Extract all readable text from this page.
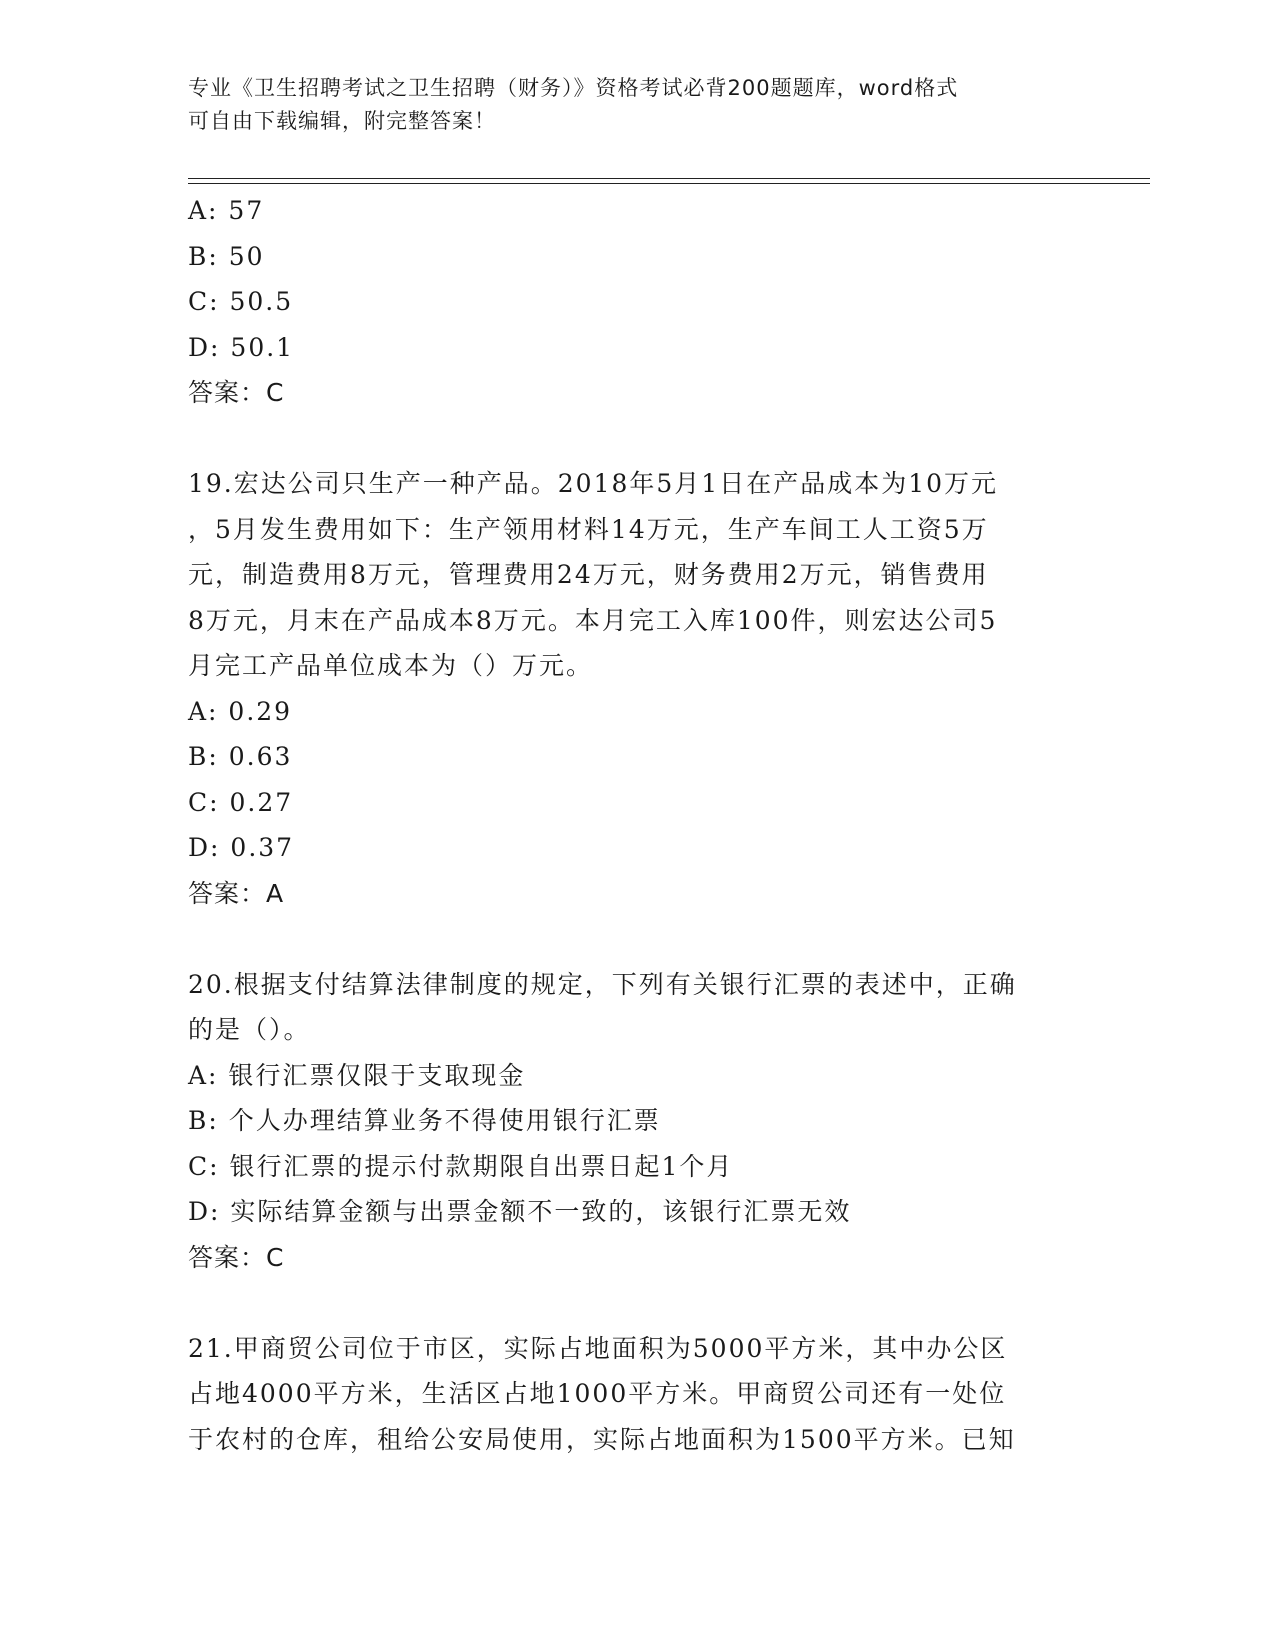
专业《卫生招聘考试之卫生招聘（财务）》资格考试必背200题题库，word格式
可自由下载编辑，附完整答案！
A: 57
B: 50
C: 50.5
D: 50.1
答案：C
19.宏达公司只生产一种产品。2018年5月1日在产品成本为10万元
，5月发生费用如下：生产领用材料14万元，生产车间工人工资5万
元，制造费用8万元，管理费用24万元，财务费用2万元，销售费用
8万元，月末在产品成本8万元。本月完工入库100件，则宏达公司5
月完工产品单位成本为（）万元。
A: 0.29
B: 0.63
C: 0.27
D: 0.37
答案：A
20.根据支付结算法律制度的规定，下列有关银行汇票的表述中，正确
的是（）。
A: 银行汇票仅限于支取现金
B: 个人办理结算业务不得使用银行汇票
C: 银行汇票的提示付款期限自出票日起1个月
D: 实际结算金额与出票金额不一致的，该银行汇票无效
答案：C
21.甲商贸公司位于市区，实际占地面积为5000平方米，其中办公区
占地4000平方米，生活区占地1000平方米。甲商贸公司还有一处位
于农村的仓库，租给公安局使用，实际占地面积为1500平方米。已知
